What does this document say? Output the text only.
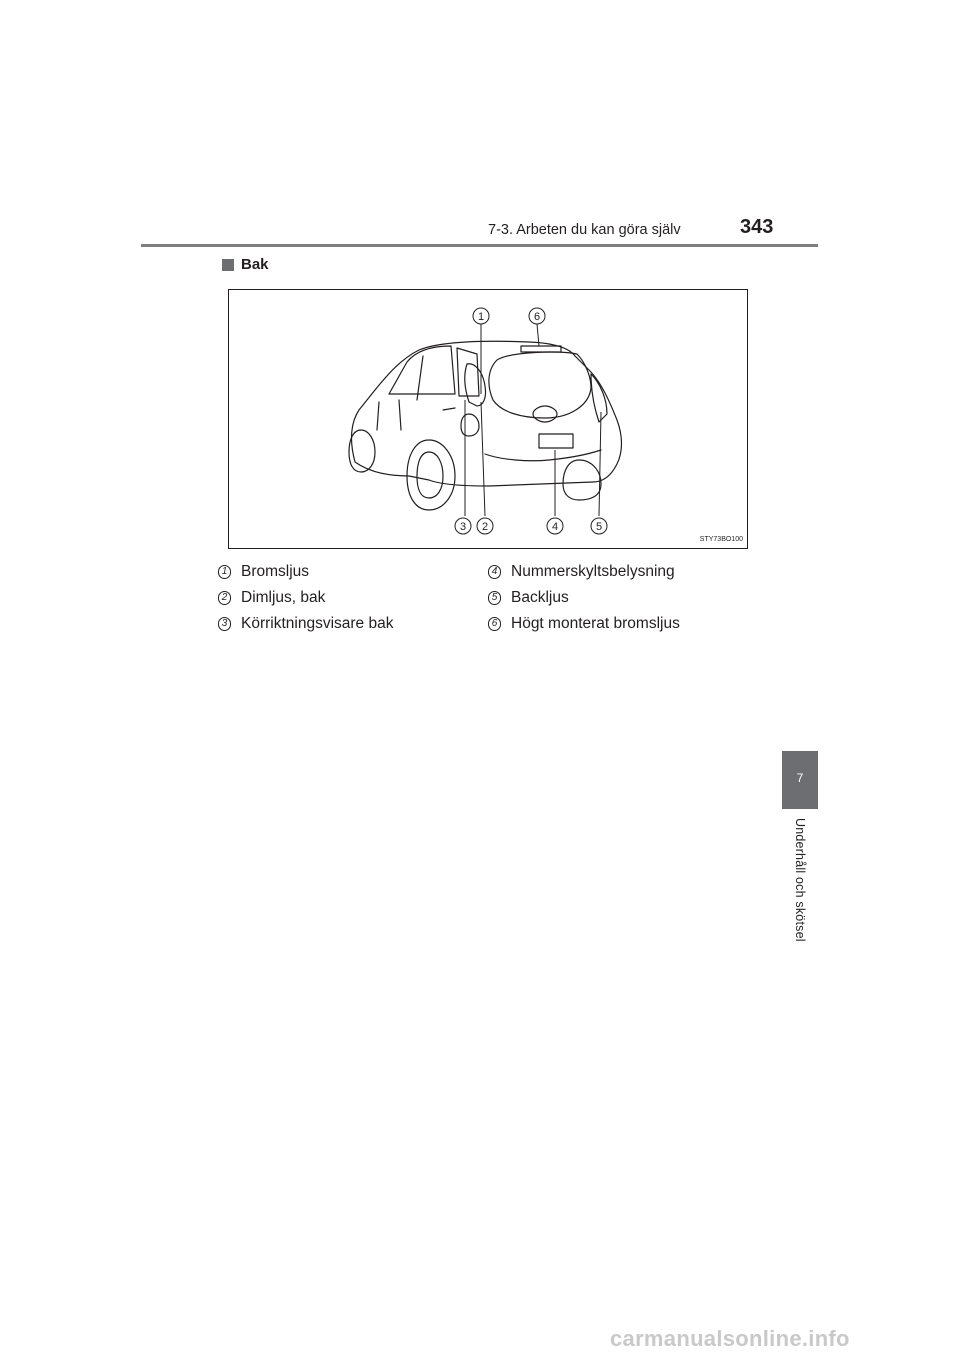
7-3. Arbeten du kan göra själv	343
Bak
1	6
3 2	4	5
STY73BO100
1 Bromsljus
2 Dimljus, bak
3 Körriktningsvisare bak
4 Nummerskyltsbelysning
5 Backljus
6 Högt monterat bromsljus
7
Underhåll och skötsel
carmanualsonline.info
